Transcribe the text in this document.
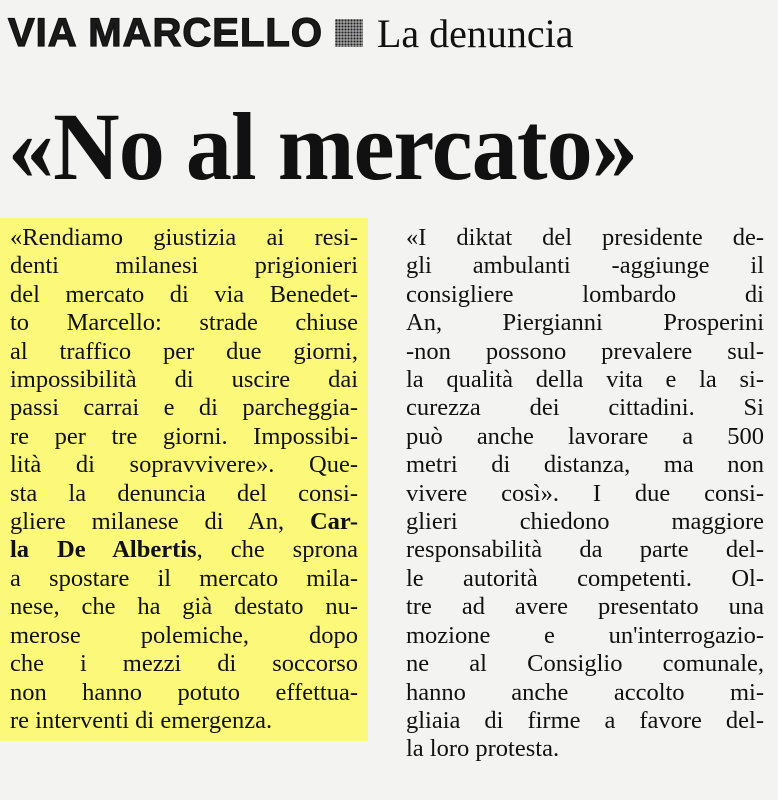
VIA MARCELLO La denuncia
«No al mercato»
«Rendiamo giustizia ai resi-
denti milanesi prigionieri
del mercato di via Benedet-
to Marcello: strade chiuse
al traffico per due giorni,
impossibilità di uscire dai
passi carrai e di parcheggia-
re per tre giorni. Impossibi-
lità di sopravvivere». Que-
sta la denuncia del consi-
gliere milanese di An, Car-
la De Albertis, che sprona
a spostare il mercato mila-
nese, che ha già destato nu-
merose polemiche, dopo
che i mezzi di soccorso
non hanno potuto effettua-
re interventi di emergenza.
«I diktat del presidente de-
gli ambulanti -aggiunge il
consigliere lombardo di
An, Piergianni Prosperini
-non possono prevalere sul-
la qualità della vita e la si-
curezza dei cittadini. Si
può anche lavorare a 500
metri di distanza, ma non
vivere così». I due consi-
glieri chiedono maggiore
responsabilità da parte del-
le autorità competenti. Ol-
tre ad avere presentato una
mozione e un'interrogazio-
ne al Consiglio comunale,
hanno anche accolto mi-
gliaia di firme a favore del-
la loro protesta.
